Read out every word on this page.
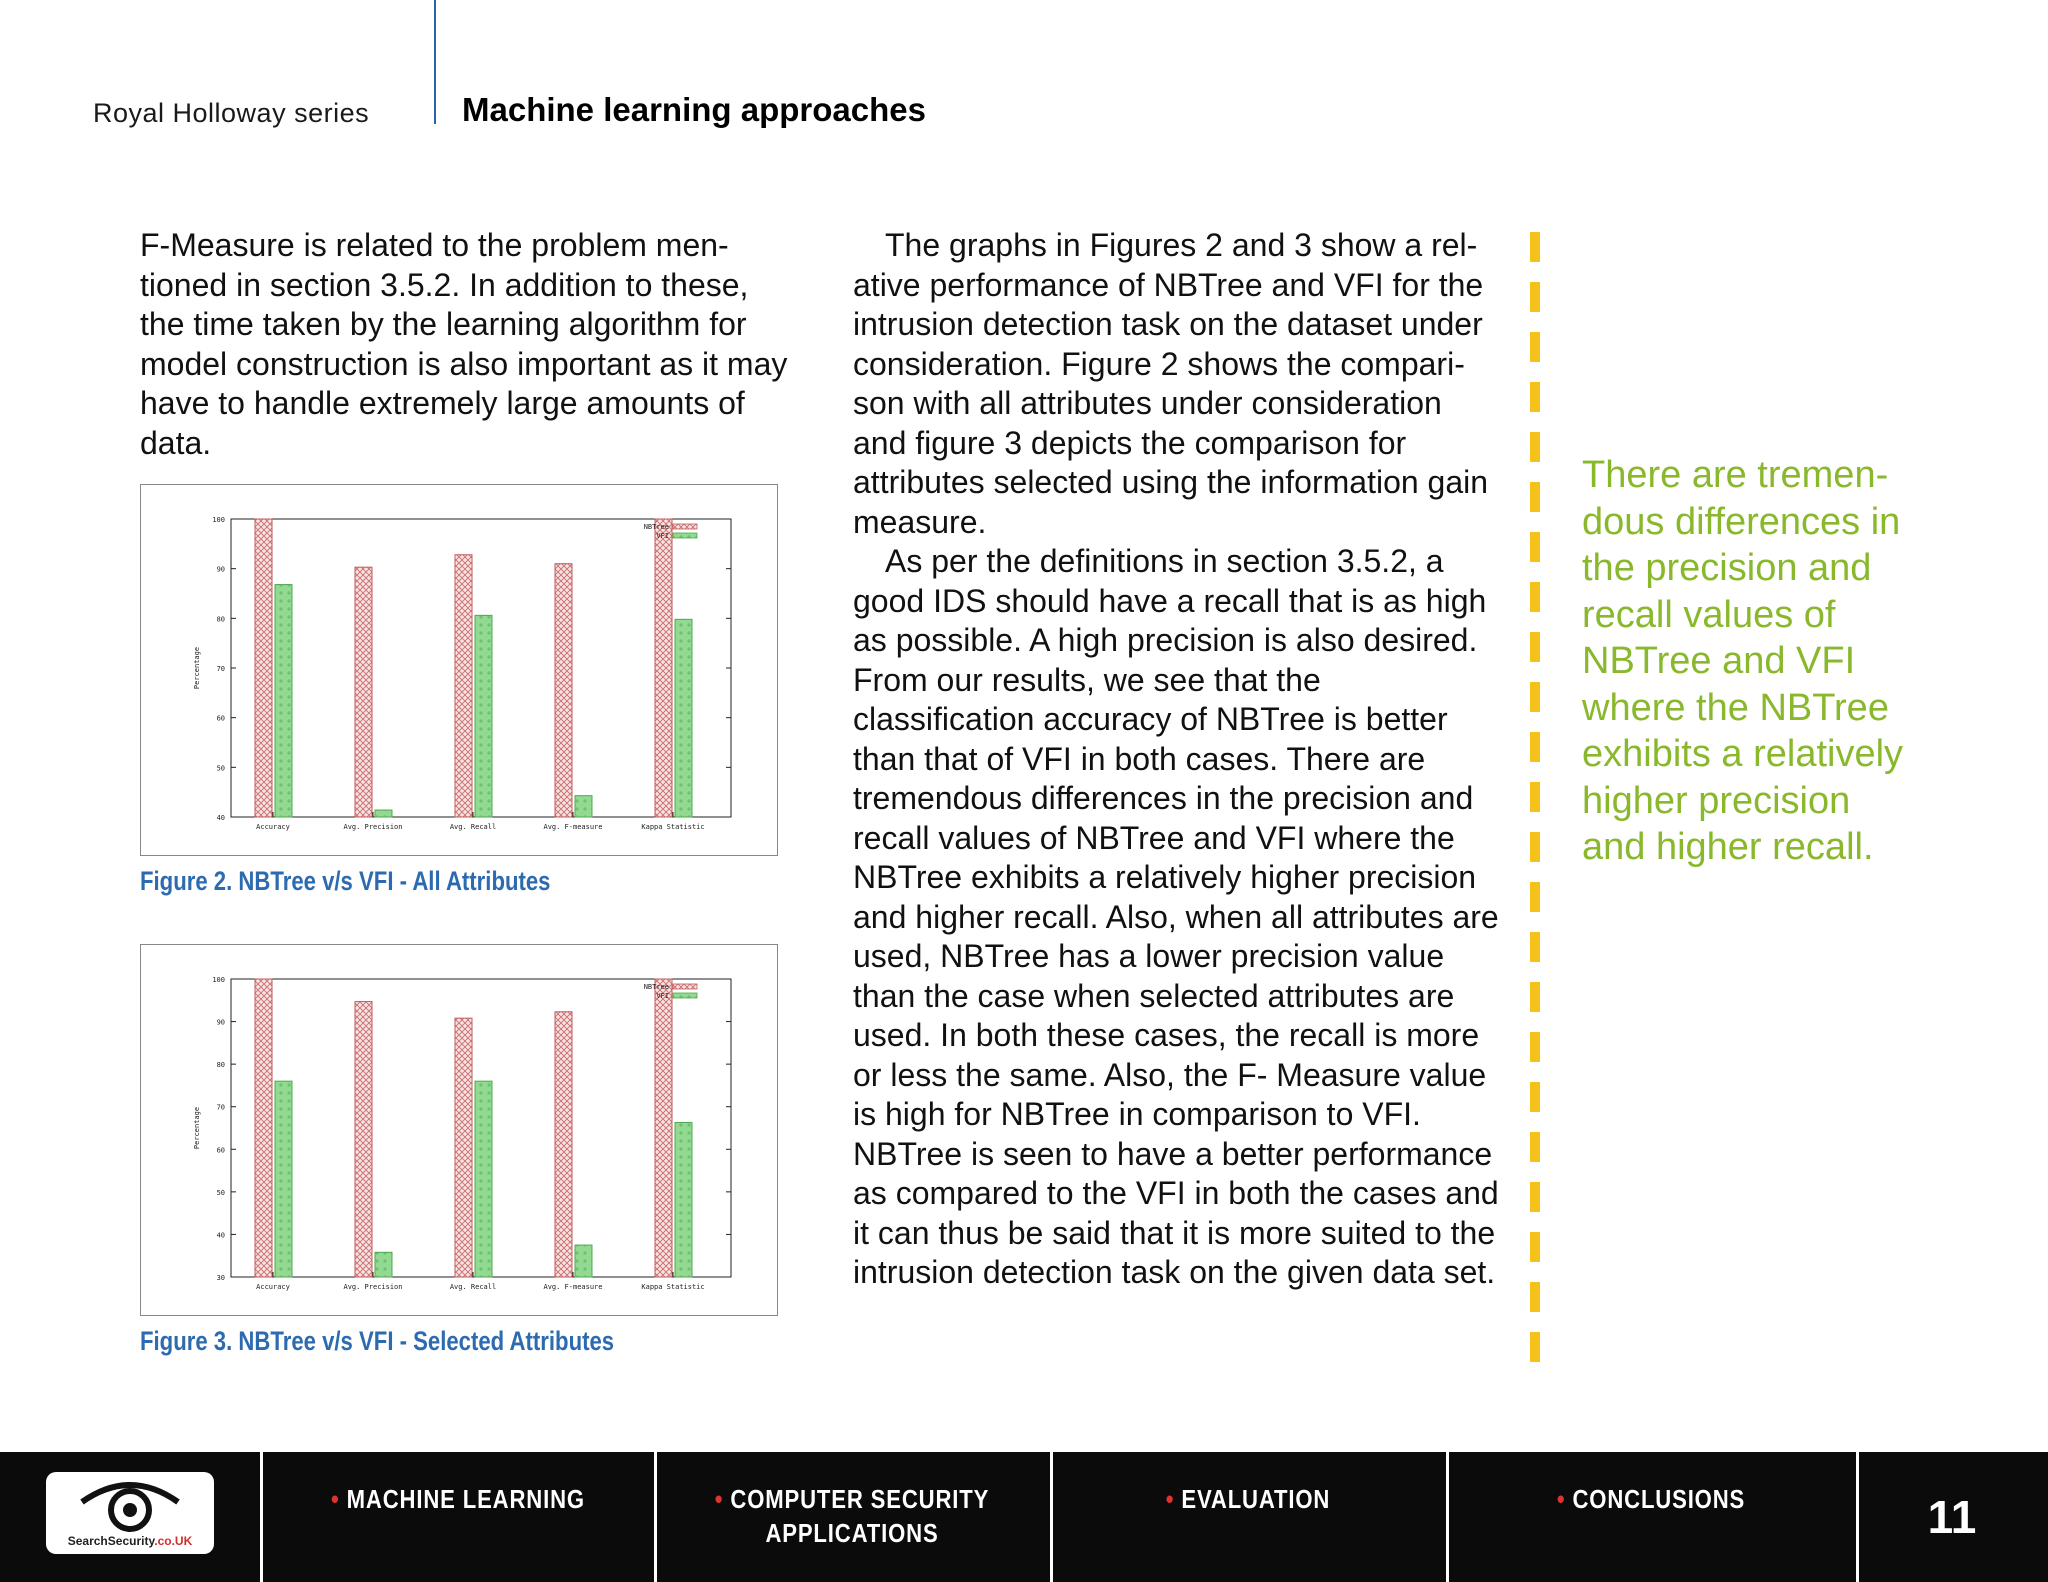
Royal Holloway series	Machine learning approaches

F-Measure is related to the problem men- tioned in section 3.5.2. In addition to these, the time taken by the learning algorithm for model construction is also important as it may have to handle extremely large amounts of data.

40
50
60
70
80
90
100
Percentage
Accuracy	Avg. Precision	Avg. Recall	Avg. F-measure	Kappa Statistic
NBTree
VFI
Figure 2. NBTree v/s VFI - All Attributes
30
40
50
60
70
80
90
100
Percentage
Accuracy	Avg. Precision	Avg. Recall	Avg. F-measure	Kappa Statistic
NBTree
VFI
Figure 3. NBTree v/s VFI - Selected Attributes

The graphs in Figures 2 and 3 show a rel- ative performance of NBTree and VFI for the intrusion detection task on the dataset under consideration. Figure 2 shows the compari- son with all attributes under consideration and figure 3 depicts the comparison for attributes selected using the information gain measure.

As per the definitions in section 3.5.2, a good IDS should have a recall that is as high as possible. A high precision is also desired. From our results, we see that the classification accuracy of NBTree is better than that of VFI in both cases. There are tremendous differences in the precision and recall values of NBTree and VFI where the NBTree exhibits a relatively higher precision and higher recall. Also, when all attributes are used, NBTree has a lower precision value than the case when selected attributes are used. In both these cases, the recall is more or less the same. Also, the F- Measure value is high for NBTree in comparison to VFI. NBTree is seen to have a better performance as compared to the VFI in both the cases and it can thus be said that it is more suited to the intrusion detection task on the given data set.

There are tremen- dous differences in the precision and recall values of NBTree and VFI where the NBTree exhibits a relatively higher precision and higher recall.
SearchSecurity.co.UK
• MACHINE LEARNING	• COMPUTER SECURITY
APPLICATIONS
• EVALUATION	• CONCLUSIONS	11
